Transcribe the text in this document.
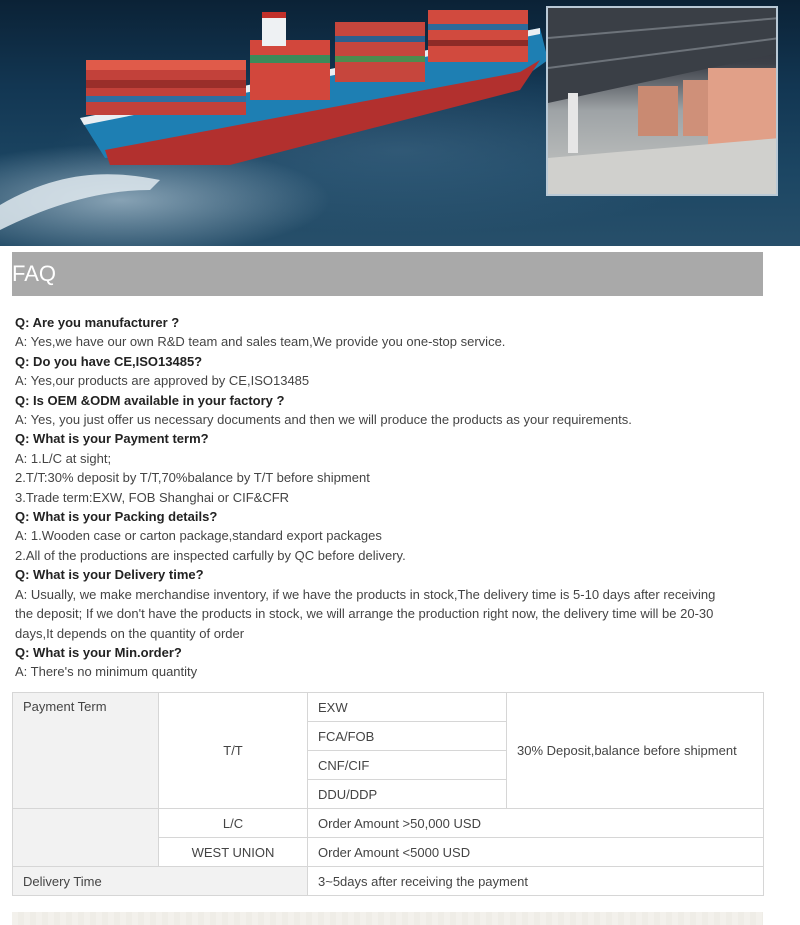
FAQ
Q: Are you manufacturer ?
A: Yes,we have our own R&D team and sales team,We provide you one-stop service.
Q: Do you have CE,ISO13485?
A: Yes,our products are approved by CE,ISO13485
Q: Is OEM &ODM available in your factory ?
A: Yes, you just offer us necessary documents and then we will produce the products as your requirements.
Q: What is your Payment term?
A: 1.L/C at sight;
2.T/T:30% deposit by T/T,70%balance by T/T before shipment
3.Trade term:EXW, FOB Shanghai or CIF&CFR
Q: What is your Packing details?
A: 1.Wooden case or carton package,standard export packages
2.All of the productions are inspected carfully by QC before delivery.
Q: What is your Delivery time?
A: Usually, we make merchandise inventory, if we have the products in stock,The delivery time is 5-10 days after receiving
the deposit; If we don't have the products in stock, we will arrange the production right now, the delivery time will be 20-30
days,It depends on the quantity of order
Q: What is your Min.order?
A: There's no minimum quantity
Payment Term	T/T	EXW	30% Deposit,balance before shipment
		FCA/FOB	
		CNF/CIF	
		DDU/DDP	
	L/C	Order Amount >50,000 USD	
	WEST UNION	Order Amount <5000 USD	
Delivery Time		3~5days after receiving the payment	
